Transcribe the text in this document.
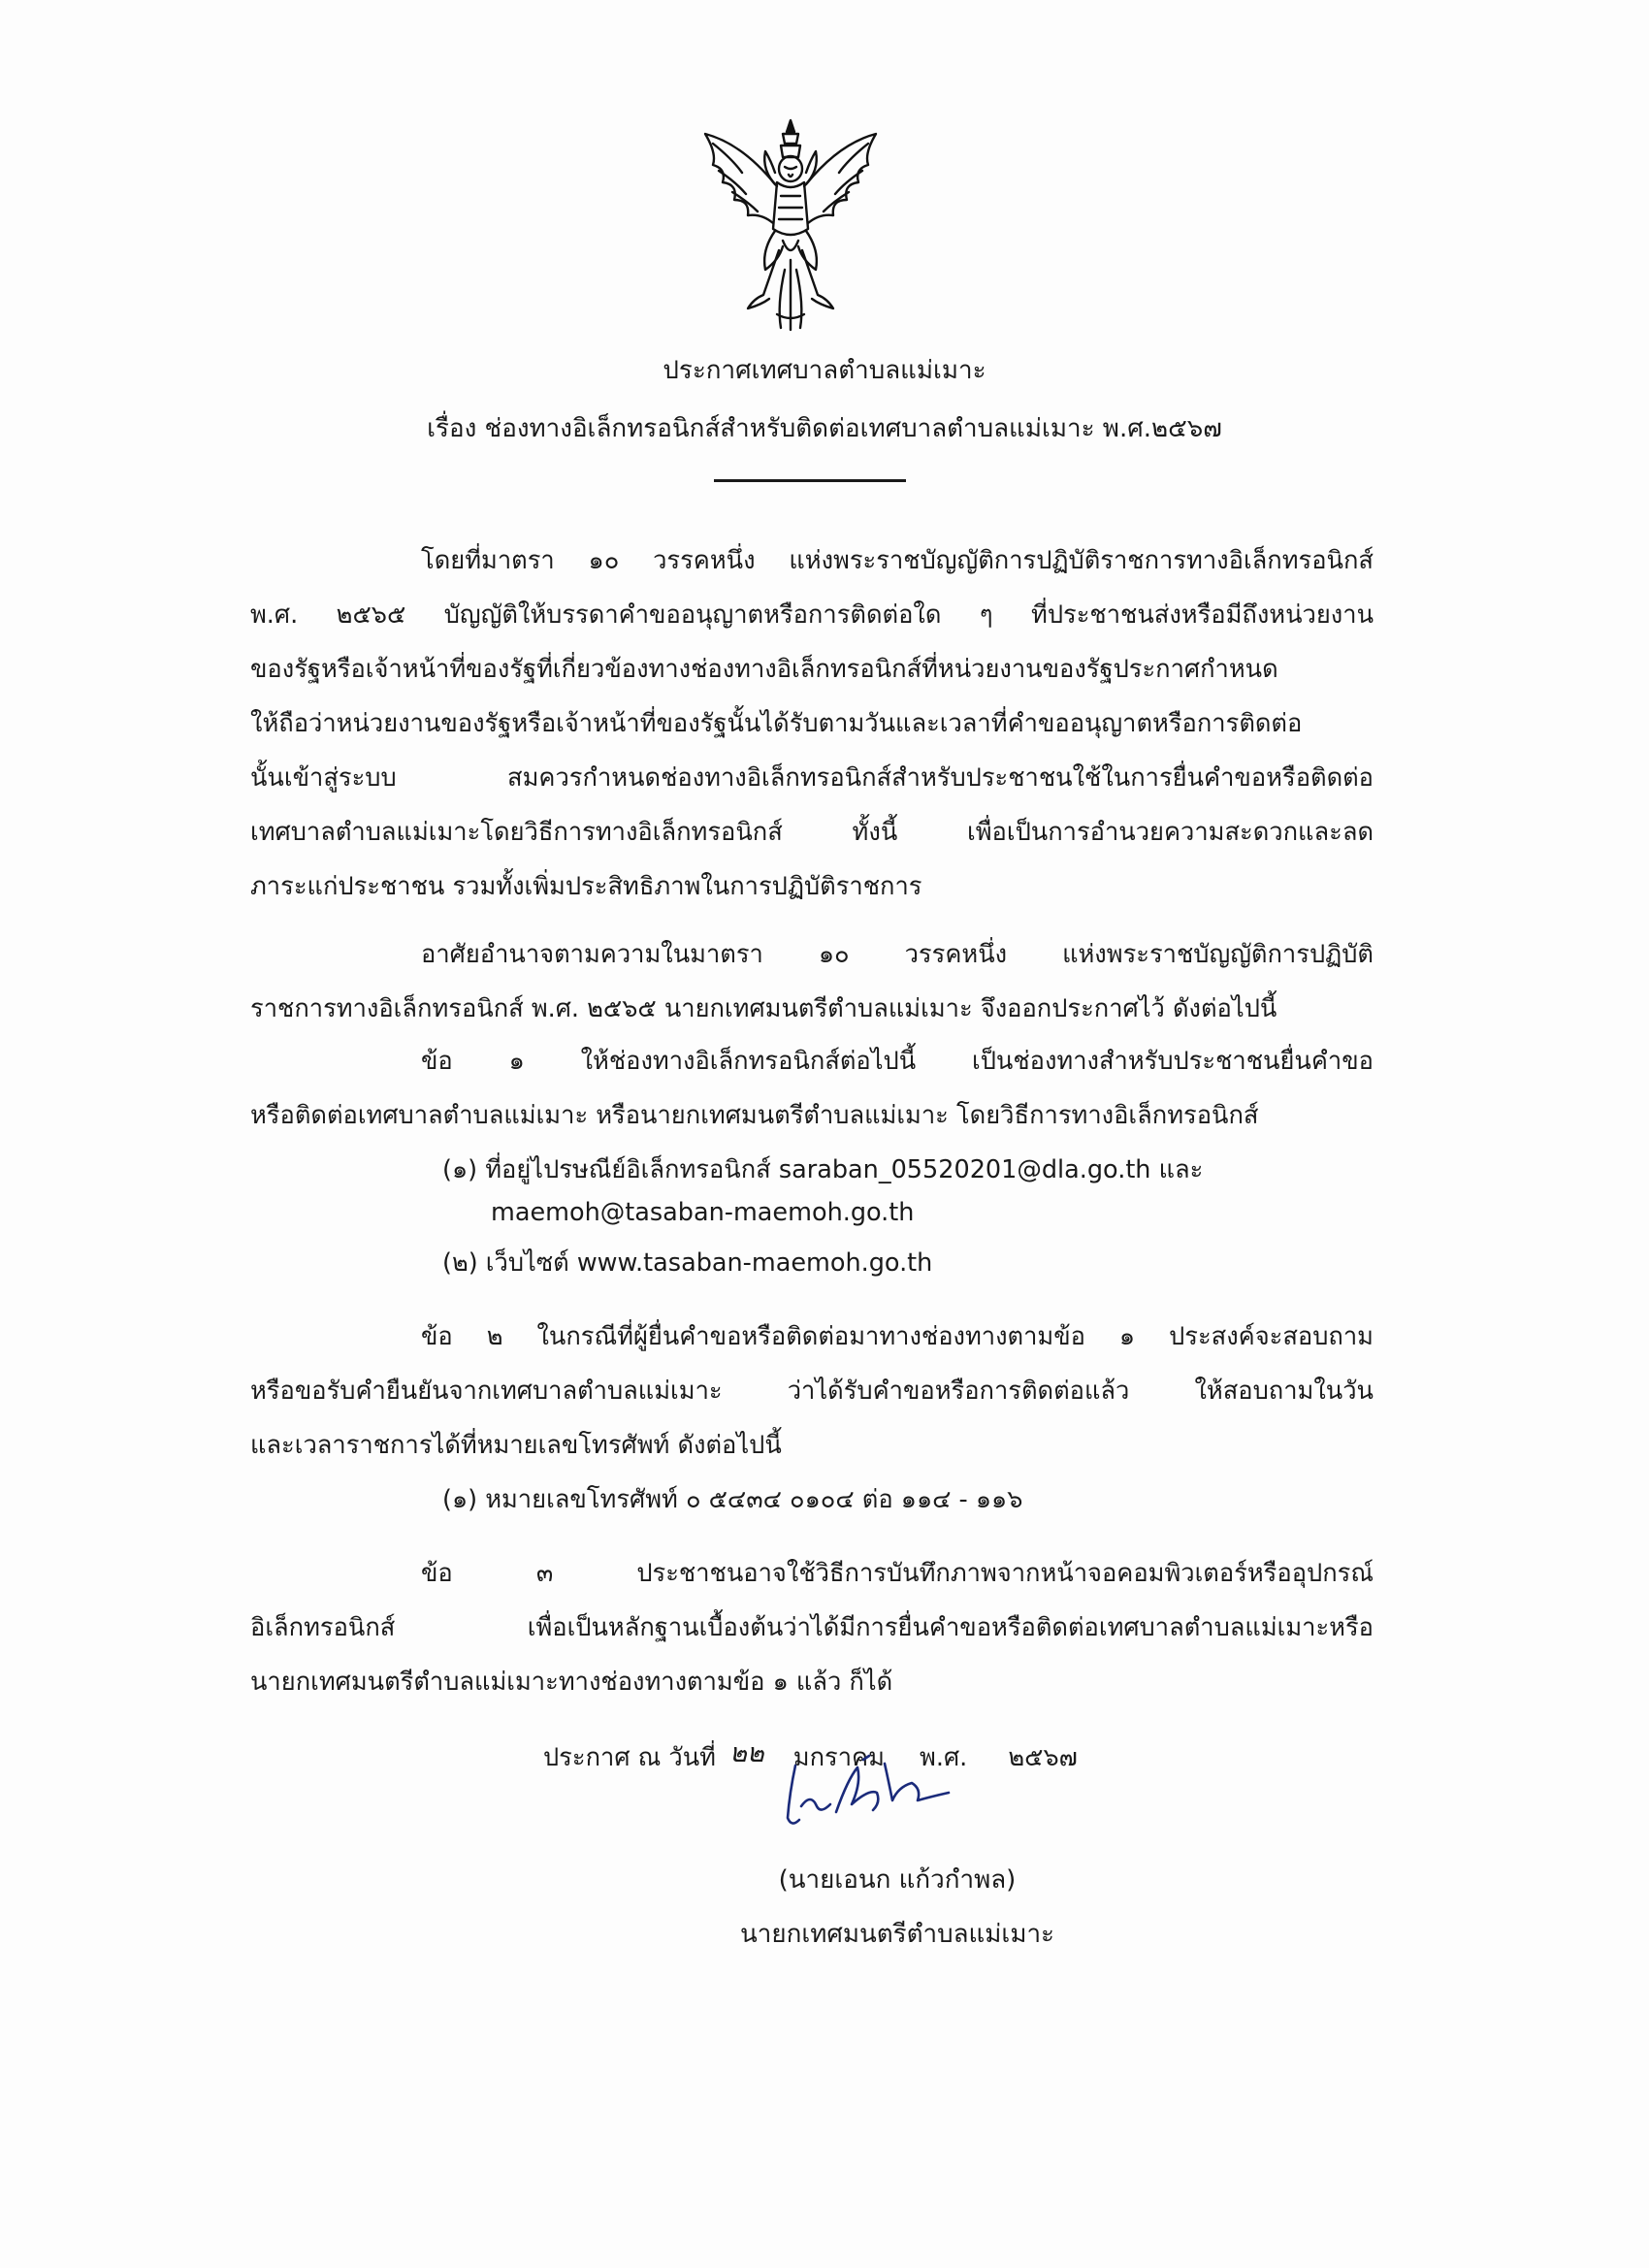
ประกาศเทศบาลตำบลแม่เมาะ
เรื่อง ช่องทางอิเล็กทรอนิกส์สำหรับติดต่อเทศบาลตำบลแม่เมาะ พ.ศ.๒๕๖๗
โดยที่มาตรา ๑๐ วรรคหนึ่ง แห่งพระราชบัญญัติการปฏิบัติราชการทางอิเล็กทรอนิกส์
พ.ศ. ๒๕๖๕ บัญญัติให้บรรดาคำขออนุญาตหรือการติดต่อใด ๆ ที่ประชาชนส่งหรือมีถึงหน่วยงาน
ของรัฐหรือเจ้าหน้าที่ของรัฐที่เกี่ยวข้องทางช่องทางอิเล็กทรอนิกส์ที่หน่วยงานของรัฐประกาศกำหนด
ให้ถือว่าหน่วยงานของรัฐหรือเจ้าหน้าที่ของรัฐนั้นได้รับตามวันและเวลาที่คำขออนุญาตหรือการติดต่อ
นั้นเข้าสู่ระบบ สมควรกำหนดช่องทางอิเล็กทรอนิกส์สำหรับประชาชนใช้ในการยื่นคำขอหรือติดต่อ
เทศบาลตำบลแม่เมาะโดยวิธีการทางอิเล็กทรอนิกส์ ทั้งนี้ เพื่อเป็นการอำนวยความสะดวกและลด
ภาระแก่ประชาชน รวมทั้งเพิ่มประสิทธิภาพในการปฏิบัติราชการ
อาศัยอำนาจตามความในมาตรา ๑๐ วรรคหนึ่ง แห่งพระราชบัญญัติการปฏิบัติ
ราชการทางอิเล็กทรอนิกส์ พ.ศ. ๒๕๖๕ นายกเทศมนตรีตำบลแม่เมาะ จึงออกประกาศไว้ ดังต่อไปนี้
ข้อ ๑ ให้ช่องทางอิเล็กทรอนิกส์ต่อไปนี้ เป็นช่องทางสำหรับประชาชนยื่นคำขอ
หรือติดต่อเทศบาลตำบลแม่เมาะ หรือนายกเทศมนตรีตำบลแม่เมาะ โดยวิธีการทางอิเล็กทรอนิกส์
(๑) ที่อยู่ไปรษณีย์อิเล็กทรอนิกส์ saraban_05520201@dla.go.th และ
maemoh@tasaban-maemoh.go.th
(๒) เว็บไซต์ www.tasaban-maemoh.go.th
ข้อ ๒ ในกรณีที่ผู้ยื่นคำขอหรือติดต่อมาทางช่องทางตามข้อ ๑ ประสงค์จะสอบถาม
หรือขอรับคำยืนยันจากเทศบาลตำบลแม่เมาะ ว่าได้รับคำขอหรือการติดต่อแล้ว ให้สอบถามในวัน
และเวลาราชการได้ที่หมายเลขโทรศัพท์ ดังต่อไปนี้
(๑) หมายเลขโทรศัพท์ ๐ ๕๔๓๔ ๐๑๐๔ ต่อ ๑๑๔ - ๑๑๖
ข้อ ๓ ประชาชนอาจใช้วิธีการบันทึกภาพจากหน้าจอคอมพิวเตอร์หรืออุปกรณ์
อิเล็กทรอนิกส์ เพื่อเป็นหลักฐานเบื้องต้นว่าได้มีการยื่นคำขอหรือติดต่อเทศบาลตำบลแม่เมาะหรือ
นายกเทศมนตรีตำบลแม่เมาะทางช่องทางตามข้อ ๑ แล้ว ก็ได้
ประกาศ ณ วันที่ ๒๒ มกราคม พ.ศ. ๒๕๖๗
(นายเอนก แก้วกำพล)
นายกเทศมนตรีตำบลแม่เมาะ
